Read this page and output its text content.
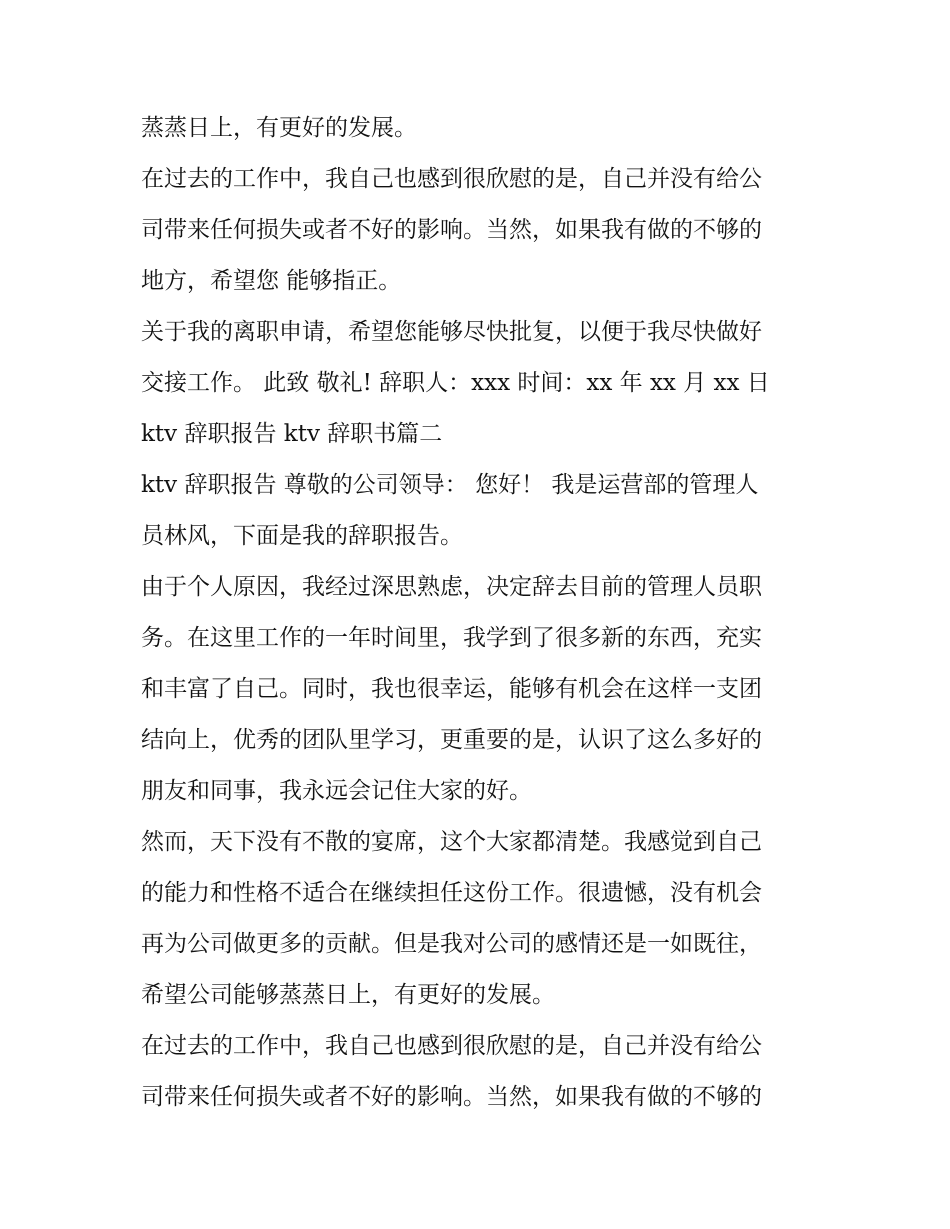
蒸蒸日上，有更好的发展。
在过去的工作中，我自己也感到很欣慰的是，自己并没有给公
司带来任何损失或者不好的影响。当然，如果我有做的不够的
地方，希望您 能够指正。
关于我的离职申请，希望您能够尽快批复，以便于我尽快做好
交接工作。 此致 敬礼! 辞职人：xxx 时间：xx 年 xx 月 xx 日
ktv 辞职报告 ktv 辞职书篇二
ktv 辞职报告 尊敬的公司领导： 您好！ 我是运营部的管理人
员林风，下面是我的辞职报告。
由于个人原因，我经过深思熟虑，决定辞去目前的管理人员职
务。在这里工作的一年时间里，我学到了很多新的东西，充实
和丰富了自己。同时，我也很幸运，能够有机会在这样一支团
结向上，优秀的团队里学习，更重要的是，认识了这么多好的
朋友和同事，我永远会记住大家的好。
然而，天下没有不散的宴席，这个大家都清楚。我感觉到自己
的能力和性格不适合在继续担任这份工作。很遗憾，没有机会
再为公司做更多的贡献。但是我对公司的感情还是一如既往，
希望公司能够蒸蒸日上，有更好的发展。
在过去的工作中，我自己也感到很欣慰的是，自己并没有给公
司带来任何损失或者不好的影响。当然，如果我有做的不够的
